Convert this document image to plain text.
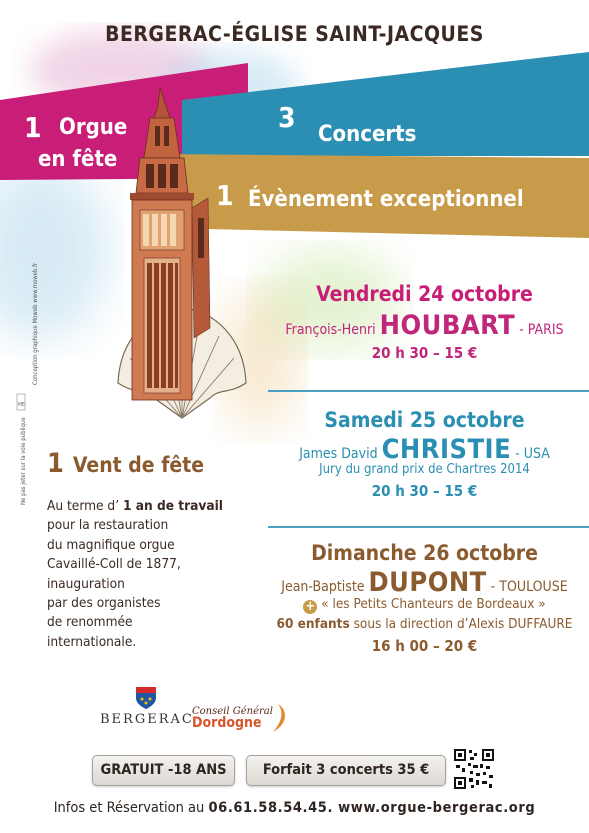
BERGERAC-ÉGLISE SAINT-JACQUES
1 Orgue
en fête
3
Concerts
1 Évènement exceptionnel
Ne pas jeter sur la voie publique
Conception graphique Moweb www.moweb.fr
ME
Vendredi 24 octobre
François-Henri HOUBART - PARIS
20 h 30 – 15 €
Samedi 25 octobre
James David CHRISTIE - USA
Jury du grand prix de Chartres 2014
20 h 30 – 15 €
Dimanche 26 octobre
Jean-Baptiste DUPONT - TOULOUSE
+ « les Petits Chanteurs de Bordeaux »
60 enfants sous la direction d’Alexis DUFFAURE
16 h 00 – 20 €
1 Vent de fête
Au terme d’ 1 an de travail
pour la restauration
du magnifique orgue
Cavaillé-Coll de 1877,
inauguration
par des organistes
de renommée
internationale.
BERGERAC
Conseil Général
Dordogne
GRATUIT -18 ANS	Forfait 3 concerts 35 €
Infos et Réservation au 06.61.58.54.45. www.orgue-bergerac.org
